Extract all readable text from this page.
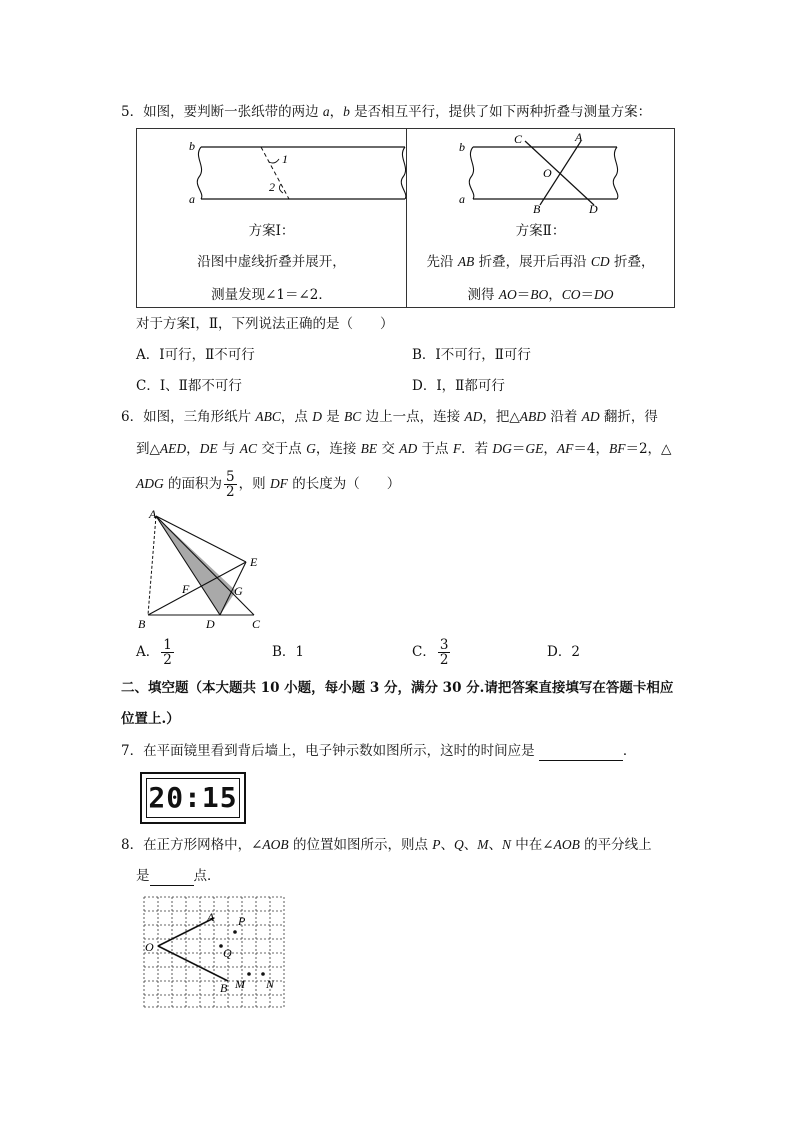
5．如图，要判断一张纸带的两边 a，b 是否相互平行，提供了如下两种折叠与测量方案：
b
a
1
2
方案Ⅰ：
沿图中虚线折叠并展开，
测量发现∠1＝∠2．
b
a
C	A
O
B	D
方案Ⅱ：
先沿 AB 折叠，展开后再沿 CD 折叠，
测得 AO＝BO，CO＝DO
对于方案Ⅰ，Ⅱ，下列说法正确的是（　　）
A．Ⅰ可行，Ⅱ不可行	B．Ⅰ不可行，Ⅱ可行
C．Ⅰ、Ⅱ都不可行	D．Ⅰ，Ⅱ都可行
6．如图，三角形纸片 ABC，点 D 是 BC 边上一点，连接 AD，把△ABD 沿着 AD 翻折，得
到△AED，DE 与 AC 交于点 G，连接 BE 交 AD 于点 F．若 DG＝GE，AF＝4，BF＝2，△
ADG 的面积为 $\frac{5}{2}$ ，则 DF 的长度为（　　）
A
E
F	G
B	D	C
A． $\frac{1}{2}$	B．1	C． $\frac{3}{2}$	D．2
二、填空题（本大题共 10 小题，每小题 3 分，满分 30 分.请把答案直接填写在答题卡相应
位置上.）
7．在平面镜里看到背后墙上，电子钟示数如图所示，这时的时间应是	．
20:15
8．在正方形网格中，∠AOB 的位置如图所示，则点 P、Q、M、N 中在∠AOB 的平分线上
是	点．
A P
O	Q
B M N
